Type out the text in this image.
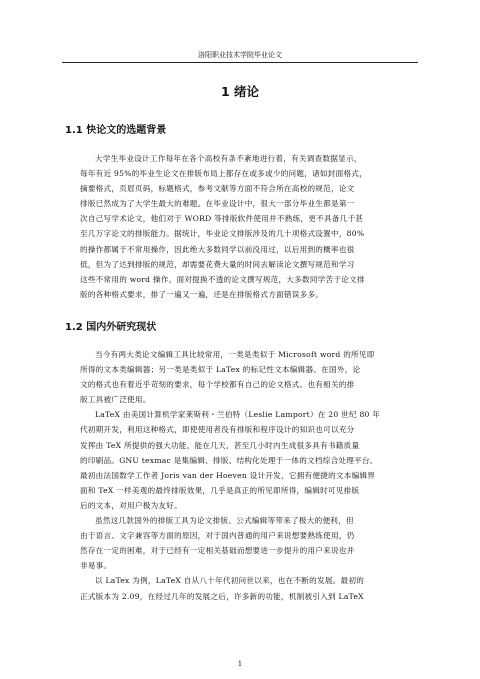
洛阳职业技术学院毕业论文
1 绪论
1.1 快论文的选题背景
大学生毕业设计工作每年在各个高校有条不紊地进行着，有关调查数据显示，
每年有近 95%的毕业生论文在排版布局上都存在或多或少的问题，诸如封面格式，
摘要格式，页眉页码，标题格式，参考文献等方面不符合所在高校的规范，论文
排版已然成为了大学生最大的难题。在毕业设计中，很大一部分毕业生都是第一
次自己写学术论文，他们对于 WORD 等排版软件使用并不熟练，更不具备几千甚
至几万字论文的排版能力。据统计，毕业论文排版涉及的几十项格式设置中，80%
的操作都属于不常用操作，因此绝大多数同学以前没用过，以后用到的概率也很
低，但为了达到排版的规范，却需要花费大量的时间去解读论文撰写规范和学习
这些不常用的 word 操作。面对提换不透的论文撰写规范，大多数同学苦于论文排
版的各种格式要求，排了一遍又一遍，还是在排版格式方面错误多多。
1.2 国内外研究现状
当今有两大类论文编辑工具比较常用，一类是类似于 Microsoft word 的所见即
所得的文本类编辑器；另一类是类似于 LaTex 的标记性文本编辑器。在国外，论
文的格式也有着近乎苛刻的要求，每个学校都有自己的论文格式。也有相关的排
版工具被广泛使用。
LaTeX 由美国计算机学家莱斯利・兰伯特（Leslie Lamport）在 20 世纪 80 年
代初期开发，利用这种格式，即使使用者没有排版和程序设计的知识也可以充分
发挥由 TeX 所提供的强大功能，能在几天，甚至几小时内生成很多具有书籍质量
的印刷品。GNU texmac 是集编辑、排版、结构化处理于一体的文档综合处理平台。
最初由法国数学工作者 Joris van der Hoeven 设计开发，它拥有便捷的文本编辑界
面和 TeX 一样美观的最终排版效果，几乎是真正的所见即所得，编辑时可见排版
后的文本，对用户极为友好。
虽然这几款国外的排版工具为论文排版、公式编辑等带来了极大的便利，但
由于语言、文字兼容等方面的原因，对于国内普通的用户来说想要熟练使用，仍
然存在一定的困难，对于已经有一定相关基础而想要进一步提升的用户来说也并
非易事。
以 LaTex 为例，LaTeX 自从八十年代初问世以来，也在不断的发展。最初的
正式版本为 2.09，在经过几年的发展之后，许多新的功能，机制被引入到 LaTeX
1
